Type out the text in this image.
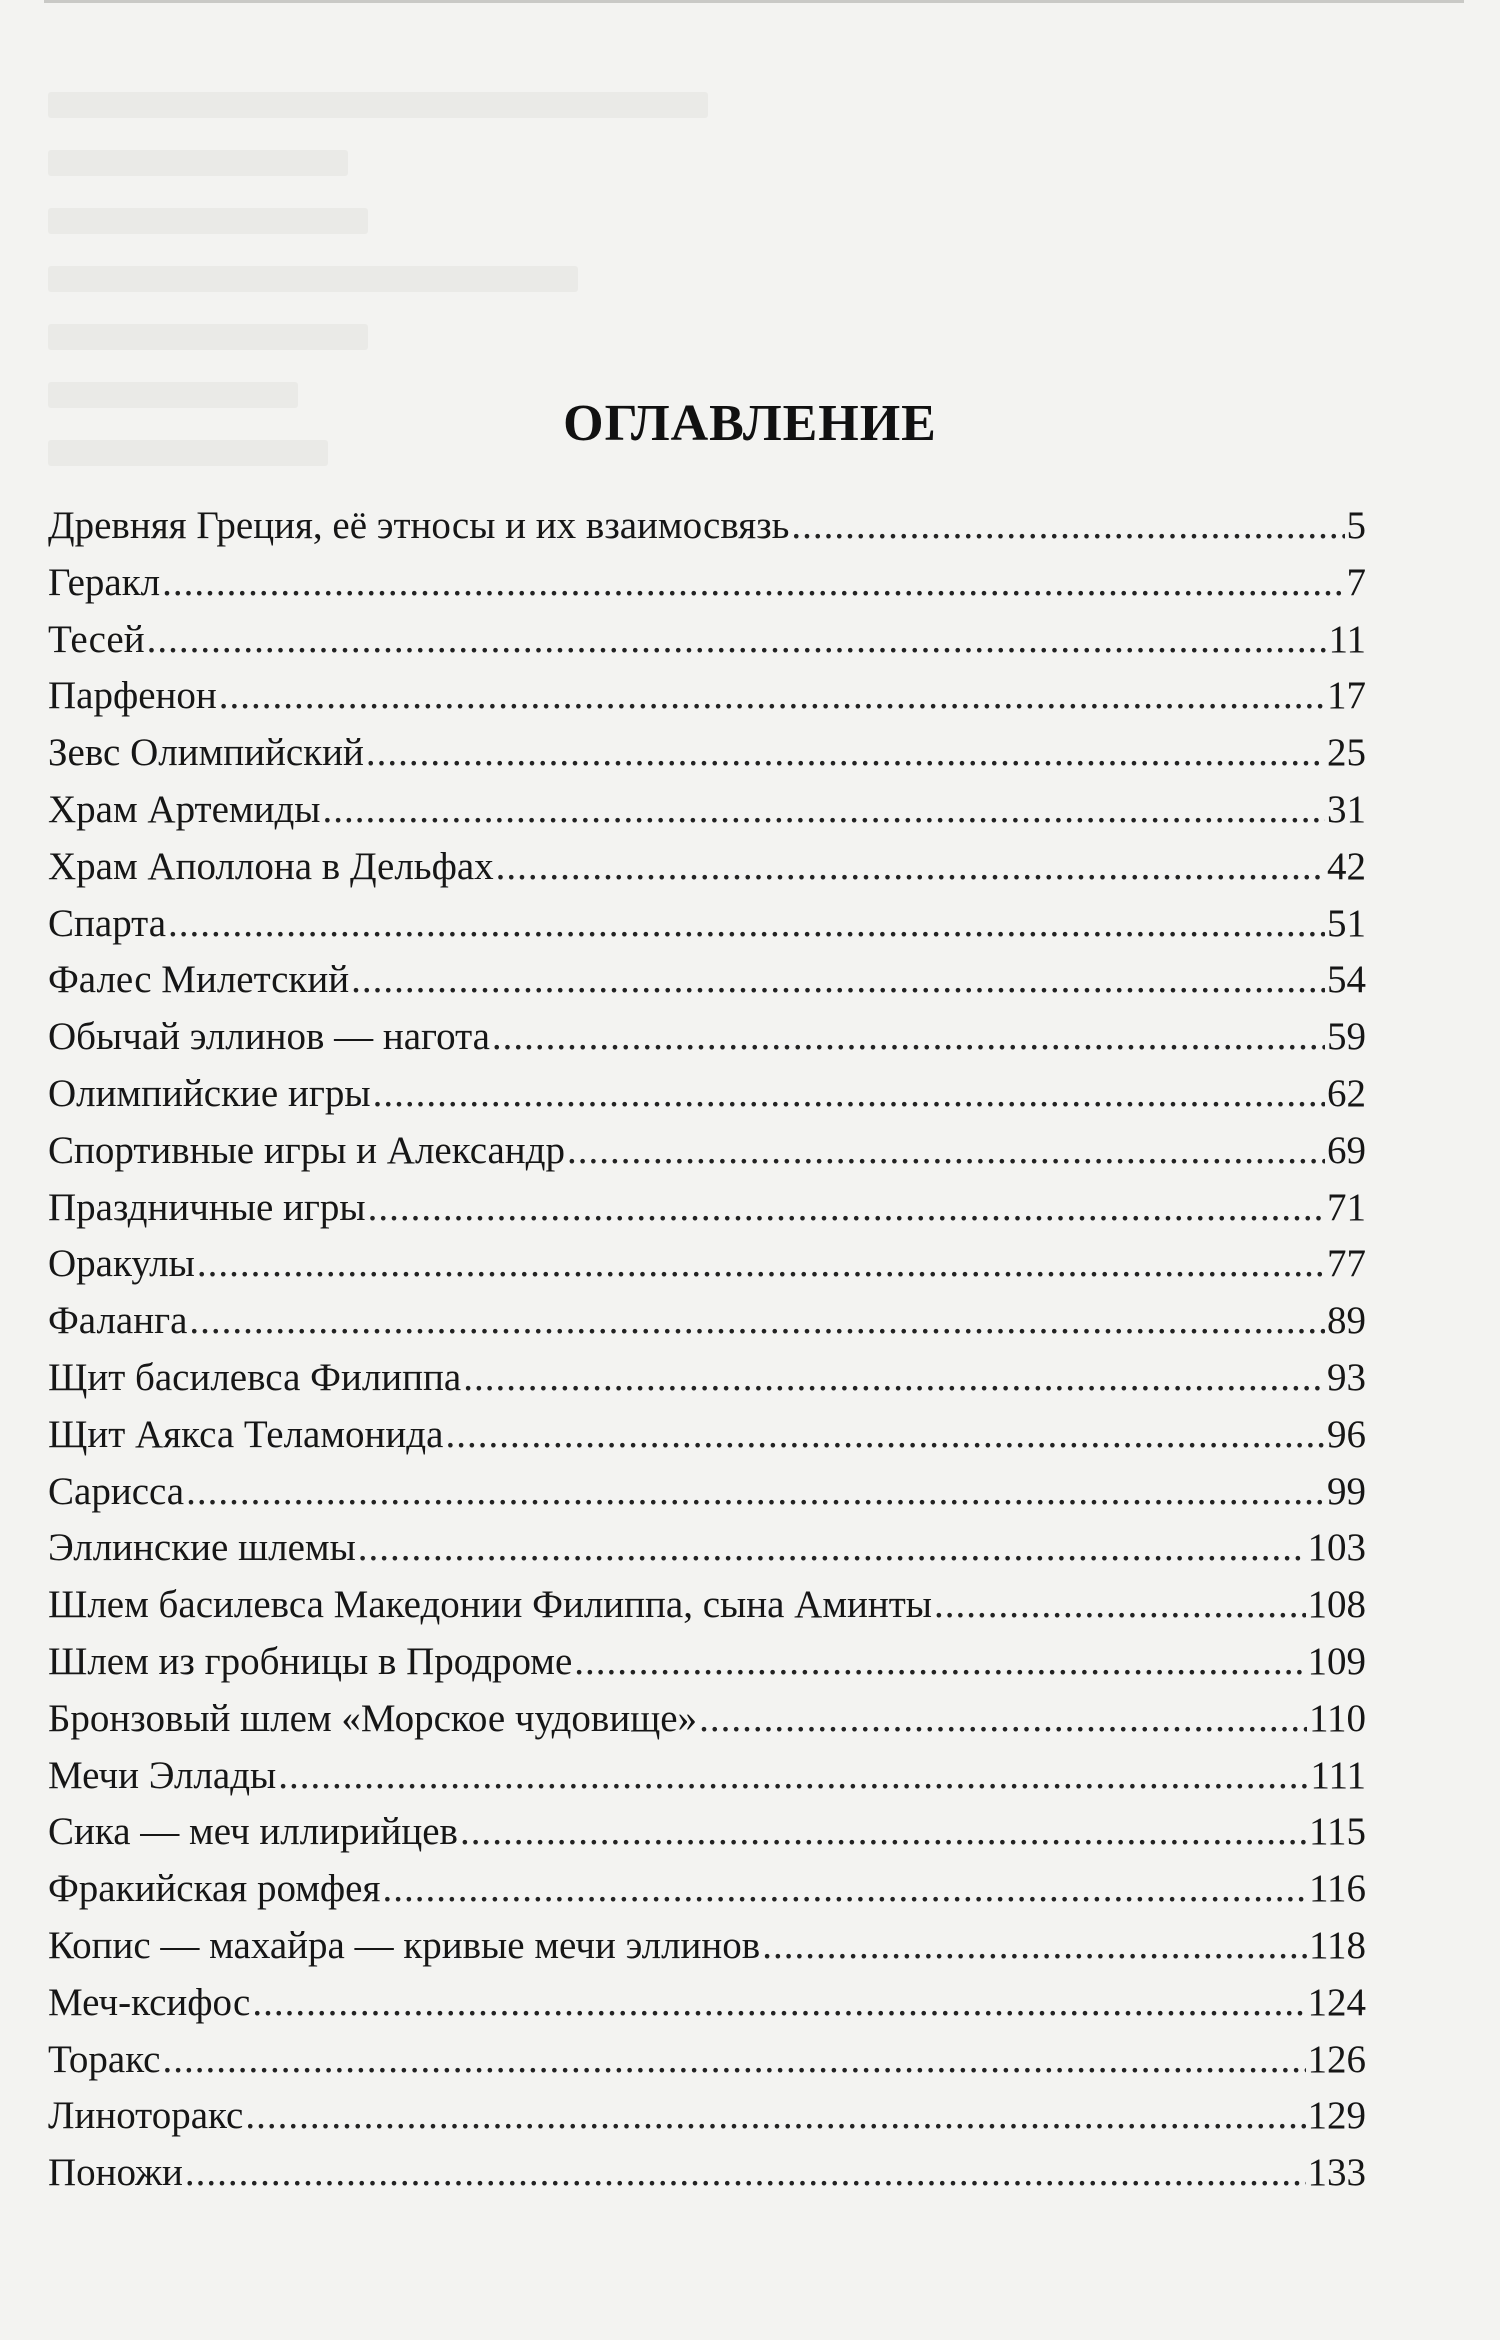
ОГЛАВЛЕНИЕ
Древняя Греция, её этносы и их взаимосвязь .....	5
Геракл .....	7
Тесей .....	11
Парфенон .....	17
Зевс Олимпийский .....	25
Храм Артемиды .....	31
Храм Аполлона в Дельфах .....	42
Спарта .....	51
Фалес Милетский .....	54
Обычай эллинов — нагота .....	59
Олимпийские игры .....	62
Спортивные игры и Александр .....	69
Праздничные игры .....	71
Оракулы .....	77
Фаланга .....	89
Щит басилевса Филиппа .....	93
Щит Аякса Теламонида .....	96
Сарисса .....	99
Эллинские шлемы .....	103
Шлем басилевса Македонии Филиппа, сына Аминты .....	108
Шлем из гробницы в Продроме .....	109
Бронзовый шлем «Морское чудовище» .....	110
Мечи Эллады .....	111
Сика — меч иллирийцев .....	115
Фракийская ромфея .....	116
Копис — махайра — кривые мечи эллинов .....	118
Меч-ксифос .....	124
Торакс .....	126
Линоторакс .....	129
Поножи .....	133
